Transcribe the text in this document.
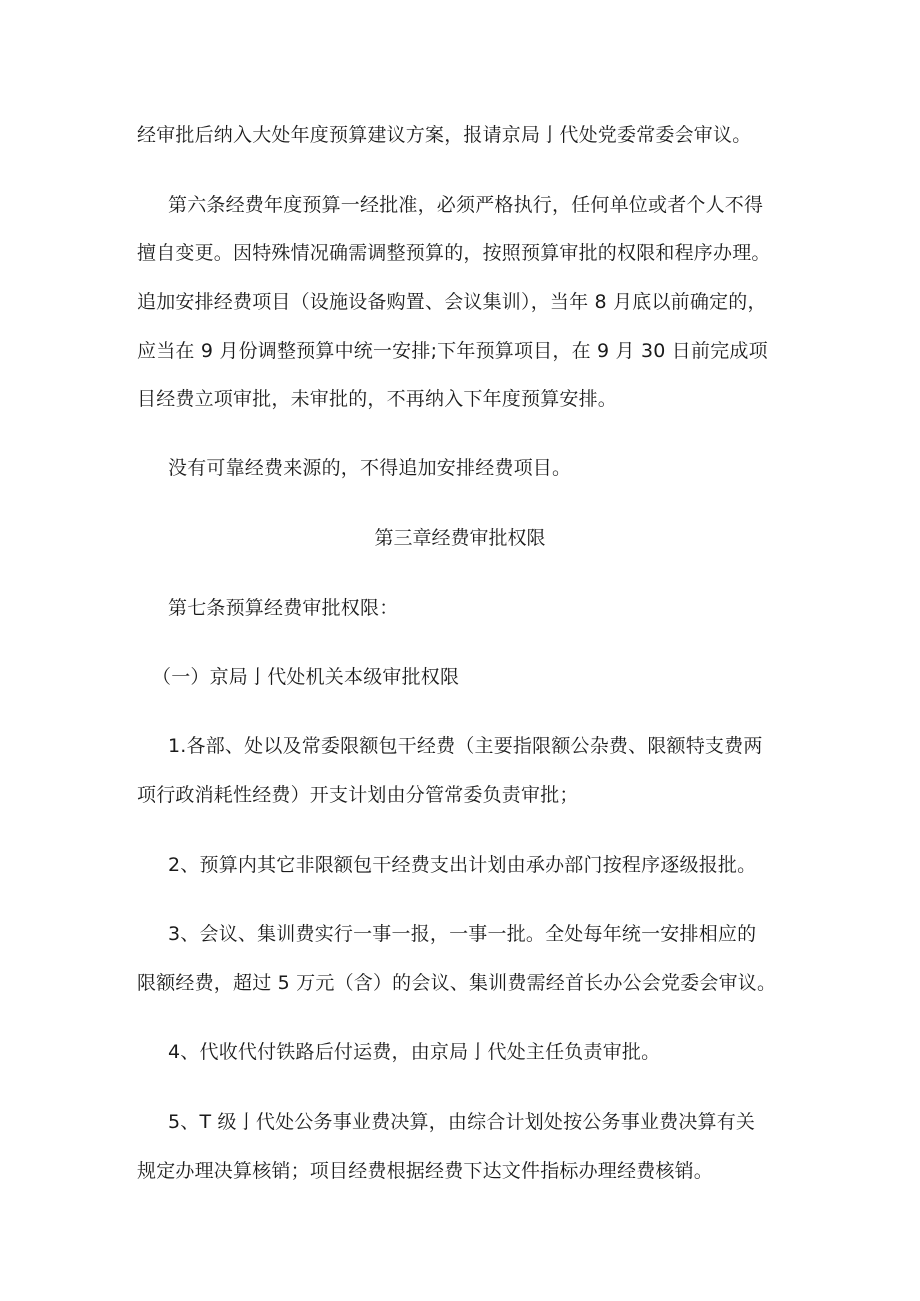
经审批后纳入大处年度预算建议方案，报请京局亅代处党委常委会审议。
第六条经费年度预算一经批准，必须严格执行，任何单位或者个人不得
擅自变更。因特殊情况确需调整预算的，按照预算审批的权限和程序办理。
追加安排经费项目（设施设备购置、会议集训），当年 8 月底以前确定的，
应当在 9 月份调整预算中统一安排;下年预算项目，在 9 月 30 日前完成项
目经费立项审批，未审批的，不再纳入下年度预算安排。
没有可靠经费来源的，不得追加安排经费项目。
第三章经费审批权限
第七条预算经费审批权限：
（一）京局亅代处机关本级审批权限
1.各部、处以及常委限额包干经费（主要指限额公杂费、限额特支费两
项行政消耗性经费）开支计划由分管常委负责审批；
2、预算内其它非限额包干经费支出计划由承办部门按程序逐级报批。
3、会议、集训费实行一事一报，一事一批。全处每年统一安排相应的
限额经费，超过 5 万元（含）的会议、集训费需经首长办公会党委会审议。
4、代收代付铁路后付运费，由京局亅代处主任负责审批。
5、T 级亅代处公务事业费决算，由综合计划处按公务事业费决算有关
规定办理决算核销；项目经费根据经费下达文件指标办理经费核销。
